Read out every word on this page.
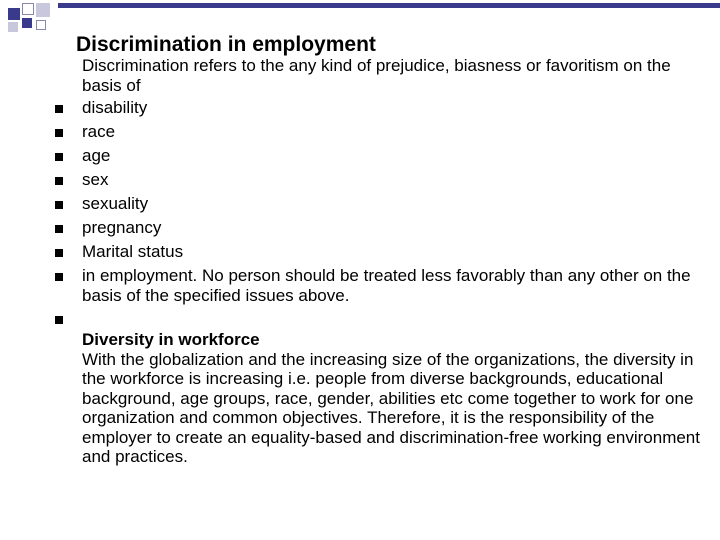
Discrimination in employment
Discrimination refers to the any kind of prejudice, biasness or favoritism on the basis of
disability
race
age
sex
sexuality
pregnancy
Marital status
in employment. No person should be treated less favorably than any other on the basis of the specified issues above.
Diversity in workforce
With the globalization and the increasing size of the organizations, the diversity in the workforce is increasing i.e. people from diverse backgrounds, educational background, age groups, race, gender, abilities etc come together to work for one organization and common objectives. Therefore, it is the responsibility of the employer to create an equality-based and discrimination-free working environment and practices.
